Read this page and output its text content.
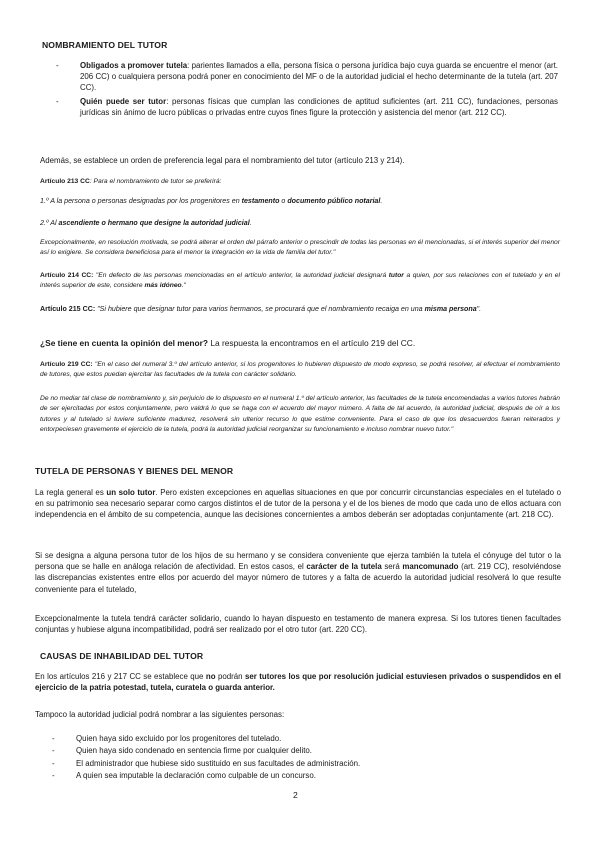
NOMBRAMIENTO DEL TUTOR

- Obligados a promover tutela: parientes llamados a ella, persona física o persona jurídica bajo cuya guarda se encuentre el menor (art. 206 CC) o cualquiera persona podrá poner en conocimiento del MF o de la autoridad judicial el hecho determinante de la tutela (art. 207 CC).
- Quién puede ser tutor: personas físicas que cumplan las condiciones de aptitud suficientes (art. 211 CC), fundaciones, personas jurídicas sin ánimo de lucro públicas o privadas entre cuyos fines figure la protección y asistencia del menor (art. 212 CC).

Además, se establece un orden de preferencia legal para el nombramiento del tutor (artículo 213 y 214).

Artículo 213 CC: Para el nombramiento de tutor se preferirá:

1.º A la persona o personas designadas por los progenitores en testamento o documento público notarial.

2.º Al ascendiente o hermano que designe la autoridad judicial.

Excepcionalmente, en resolución motivada, se podrá alterar el orden del párrafo anterior o prescindir de todas las personas en él mencionadas, si el interés superior del menor así lo exigiere. Se considera beneficiosa para el menor la integración en la vida de familia del tutor."

Artículo 214 CC: "En defecto de las personas mencionadas en el artículo anterior, la autoridad judicial designará tutor a quien, por sus relaciones con el tutelado y en el interés superior de este, considere más idóneo."

Artículo 215 CC: "Si hubiere que designar tutor para varios hermanos, se procurará que el nombramiento recaiga en una misma persona".

¿Se tiene en cuenta la opinión del menor? La respuesta la encontramos en el artículo 219 del CC.

Artículo 219 CC: "En el caso del numeral 3.º del artículo anterior, si los progenitores lo hubieren dispuesto de modo expreso, se podrá resolver, al efectuar el nombramiento de tutores, que estos puedan ejercitar las facultades de la tutela con carácter solidario.

De no mediar tal clase de nombramiento y, sin perjuicio de lo dispuesto en el numeral 1.º del artículo anterior, las facultades de la tutela encomendadas a varios tutores habrán de ser ejercitadas por estos conjuntamente, pero valdrá lo que se haga con el acuerdo del mayor número. A falta de tal acuerdo, la autoridad judicial, después de oír a los tutores y al tutelado si tuviere suficiente madurez, resolverá sin ulterior recurso lo que estime conveniente. Para el caso de que los desacuerdos fueran reiterados y entorpeciesen gravemente el ejercicio de la tutela, podrá la autoridad judicial reorganizar su funcionamiento e incluso nombrar nuevo tutor."

TUTELA DE PERSONAS Y BIENES DEL MENOR

La regla general es un solo tutor. Pero existen excepciones en aquellas situaciones en que por concurrir circunstancias especiales en el tutelado o en su patrimonio sea necesario separar como cargos distintos el de tutor de la persona y el de los bienes de modo que cada uno de ellos actuara con independencia en el ámbito de su competencia, aunque las decisiones concernientes a ambos deberán ser adoptadas conjuntamente (art. 218 CC).

Si se designa a alguna persona tutor de los hijos de su hermano y se considera conveniente que ejerza también la tutela el cónyuge del tutor o la persona que se halle en análoga relación de afectividad. En estos casos, el carácter de la tutela será mancomunado (art. 219 CC), resolviéndose las discrepancias existentes entre ellos por acuerdo del mayor número de tutores y a falta de acuerdo la autoridad judicial resolverá lo que resulte conveniente para el tutelado,

Excepcionalmente la tutela tendrá carácter solidario, cuando lo hayan dispuesto en testamento de manera expresa. Si los tutores tienen facultades conjuntas y hubiese alguna incompatibilidad, podrá ser realizado por el otro tutor (art. 220 CC).

CAUSAS DE INHABILIDAD DEL TUTOR

En los artículos 216 y 217 CC se establece que no podrán ser tutores los que por resolución judicial estuviesen privados o suspendidos en el ejercicio de la patria potestad, tutela, curatela o guarda anterior.

Tampoco la autoridad judicial podrá nombrar a las siguientes personas:

- Quien haya sido excluido por los progenitores del tutelado.
- Quien haya sido condenado en sentencia firme por cualquier delito.
- El administrador que hubiese sido sustituido en sus facultades de administración.
- A quien sea imputable la declaración como culpable de un concurso.
2
